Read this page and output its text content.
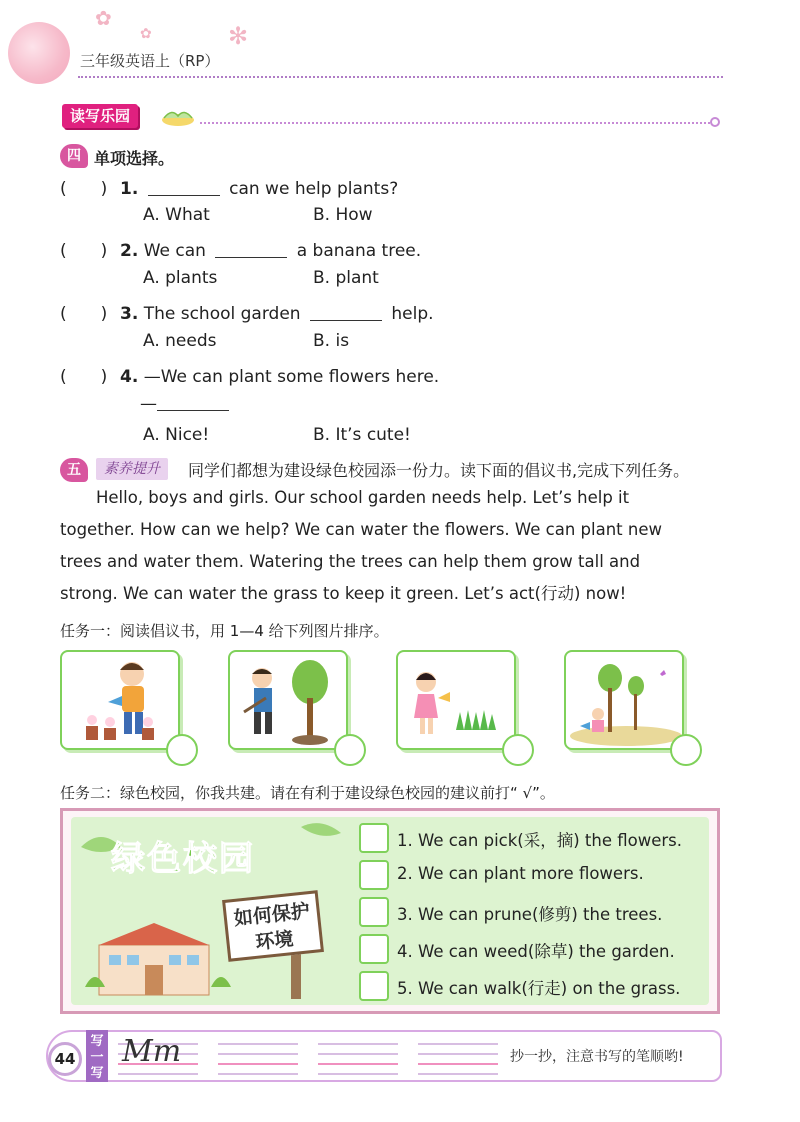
✿
✻
✿
三年级英语上（RP）
读写乐园
四 单项选择。
(　　) 1.	can we help plants?
A. What	B. How
(　　) 2. We can	a banana tree.
A. plants	B. plant
(　　) 3. The school garden	help.
A. needs	B. is
(　　) 4. —We can plant some flowers here.
—
A. Nice!	B. It’s cute!
五	素养提升	同学们都想为建设绿色校园添一份力。读下面的倡议书,完成下列任务。
Hello, boys and girls. Our school garden needs help. Let’s help it
together. How can we help? We can water the flowers. We can plant new
trees and water them. Watering the trees can help them grow tall and
strong. We can water the grass to keep it green. Let’s act(行动) now!
任务一：阅读倡议书，用 1—4 给下列图片排序。
任务二：绿色校园，你我共建。请在有利于建设绿色校园的建议前打“ √”。
绿色校园
如何保护
环境
1. We can pick(采，摘) the flowers.
2. We can plant more flowers.
3. We can prune(修剪) the trees.
4. We can weed(除草) the garden.
5. We can walk(行走) on the grass.
Mm
44
写一写
抄一抄，注意书写的笔顺哟!
